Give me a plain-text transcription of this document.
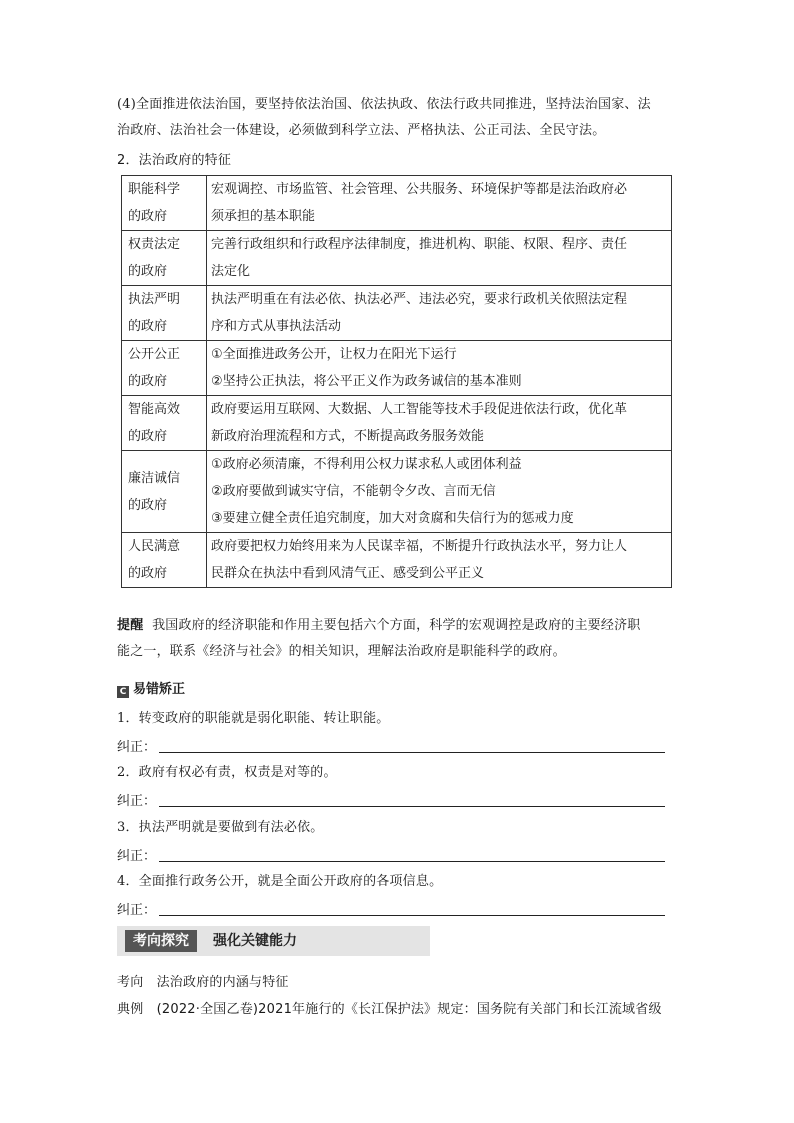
(4)全面推进依法治国，要坚持依法治国、依法执政、依法行政共同推进，坚持法治国家、法
治政府、法治社会一体建设，必须做到科学立法、严格执法、公正司法、全民守法。
2．法治政府的特征
职能科学
的政府	宏观调控、市场监管、社会管理、公共服务、环境保护等都是法治政府必
须承担的基本职能

权责法定
的政府	完善行政组织和行政程序法律制度，推进机构、职能、权限、程序、责任
法定化

执法严明
的政府	执法严明重在有法必依、执法必严、违法必究，要求行政机关依照法定程
序和方式从事执法活动

公开公正
的政府	①全面推进政务公开，让权力在阳光下运行
②坚持公正执法，将公平正义作为政务诚信的基本准则

智能高效
的政府	政府要运用互联网、大数据、人工智能等技术手段促进依法行政，优化革
新政府治理流程和方式，不断提高政务服务效能

廉洁诚信
的政府	①政府必须清廉，不得利用公权力谋求私人或团体利益
②政府要做到诚实守信，不能朝令夕改、言而无信
③要建立健全责任追究制度，加大对贪腐和失信行为的惩戒力度

人民满意
的政府	政府要把权力始终用来为人民谋幸福，不断提升行政执法水平，努力让人
民群众在执法中看到风清气正、感受到公平正义
提醒 我国政府的经济职能和作用主要包括六个方面，科学的宏观调控是政府的主要经济职
能之一，联系《经济与社会》的相关知识，理解法治政府是职能科学的政府。
C 易错矫正
1．转变政府的职能就是弱化职能、转让职能。
纠正：
2．政府有权必有责，权责是对等的。
纠正：
3．执法严明就是要做到有法必依。
纠正：
4．全面推行政务公开，就是全面公开政府的各项信息。
纠正：
考向探究	强化关键能力
考向　法治政府的内涵与特征
典例　(2022·全国乙卷)2021年施行的《长江保护法》规定：国务院有关部门和长江流域省级
